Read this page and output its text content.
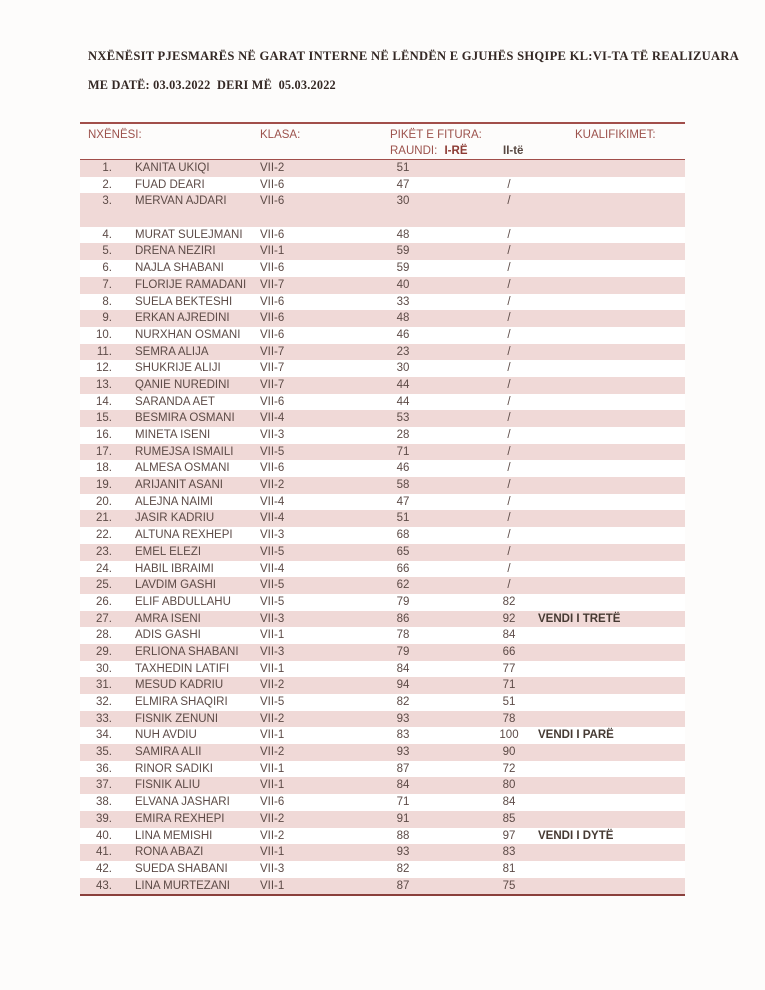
NXËNËSIT PJESMARËS NË GARAT INTERNE NË LËNDËN E GJUHËS SHQIPE KL:VI-TA TË REALIZUARA
ME DATË: 03.03.2022  DERI MË  05.03.2022
NXËNËSI:	KLASA:	PIKËT E FITURA:	KUALIFIKIMET:
RAUNDI: I-RË	II-të
1. KANITA UKIQI	VII-2	51
2. FUAD DEARI	VII-6	47	/
3. MERVAN AJDARI	VII-6	30	/
4. MURAT SULEJMANI	VII-6	48	/
5. DRENA NEZIRI	VII-1	59	/
6. NAJLA SHABANI	VII-6	59	/
7. FLORIJE RAMADANI	VII-7	40	/
8. SUELA BEKTESHI	VII-6	33	/
9. ERKAN AJREDINI	VII-6	48	/
10. NURXHAN OSMANI	VII-6	46	/
11. SEMRA ALIJA	VII-7	23	/
12. SHUKRIJE ALIJI	VII-7	30	/
13. QANIE NUREDINI	VII-7	44	/
14. SARANDA AET	VII-6	44	/
15. BESMIRA OSMANI	VII-4	53	/
16. MINETA ISENI	VII-3	28	/
17. RUMEJSA ISMAILI	VII-5	71	/
18. ALMESA OSMANI	VII-6	46	/
19. ARIJANIT ASANI	VII-2	58	/
20. ALEJNA NAIMI	VII-4	47	/
21. JASIR KADRIU	VII-4	51	/
22. ALTUNA REXHEPI	VII-3	68	/
23. EMEL ELEZI	VII-5	65	/
24. HABIL IBRAIMI	VII-4	66	/
25. LAVDIM GASHI	VII-5	62	/
26. ELIF ABDULLAHU	VII-5	79	82
27. AMRA ISENI	VII-3	86	92	VENDI I TRETË
28. ADIS GASHI	VII-1	78	84
29. ERLIONA SHABANI	VII-3	79	66
30. TAXHEDIN LATIFI	VII-1	84	77
31. MESUD KADRIU	VII-2	94	71
32. ELMIRA SHAQIRI	VII-5	82	51
33. FISNIK ZENUNI	VII-2	93	78
34. NUH AVDIU	VII-1	83	100	VENDI I PARË
35. SAMIRA ALII	VII-2	93	90
36. RINOR SADIKI	VII-1	87	72
37. FISNIK ALIU	VII-1	84	80
38. ELVANA JASHARI	VII-6	71	84
39. EMIRA REXHEPI	VII-2	91	85
40. LINA MEMISHI	VII-2	88	97	VENDI I DYTË
41. RONA ABAZI	VII-1	93	83
42. SUEDA SHABANI	VII-3	82	81
43. LINA MURTEZANI	VII-1	87	75
